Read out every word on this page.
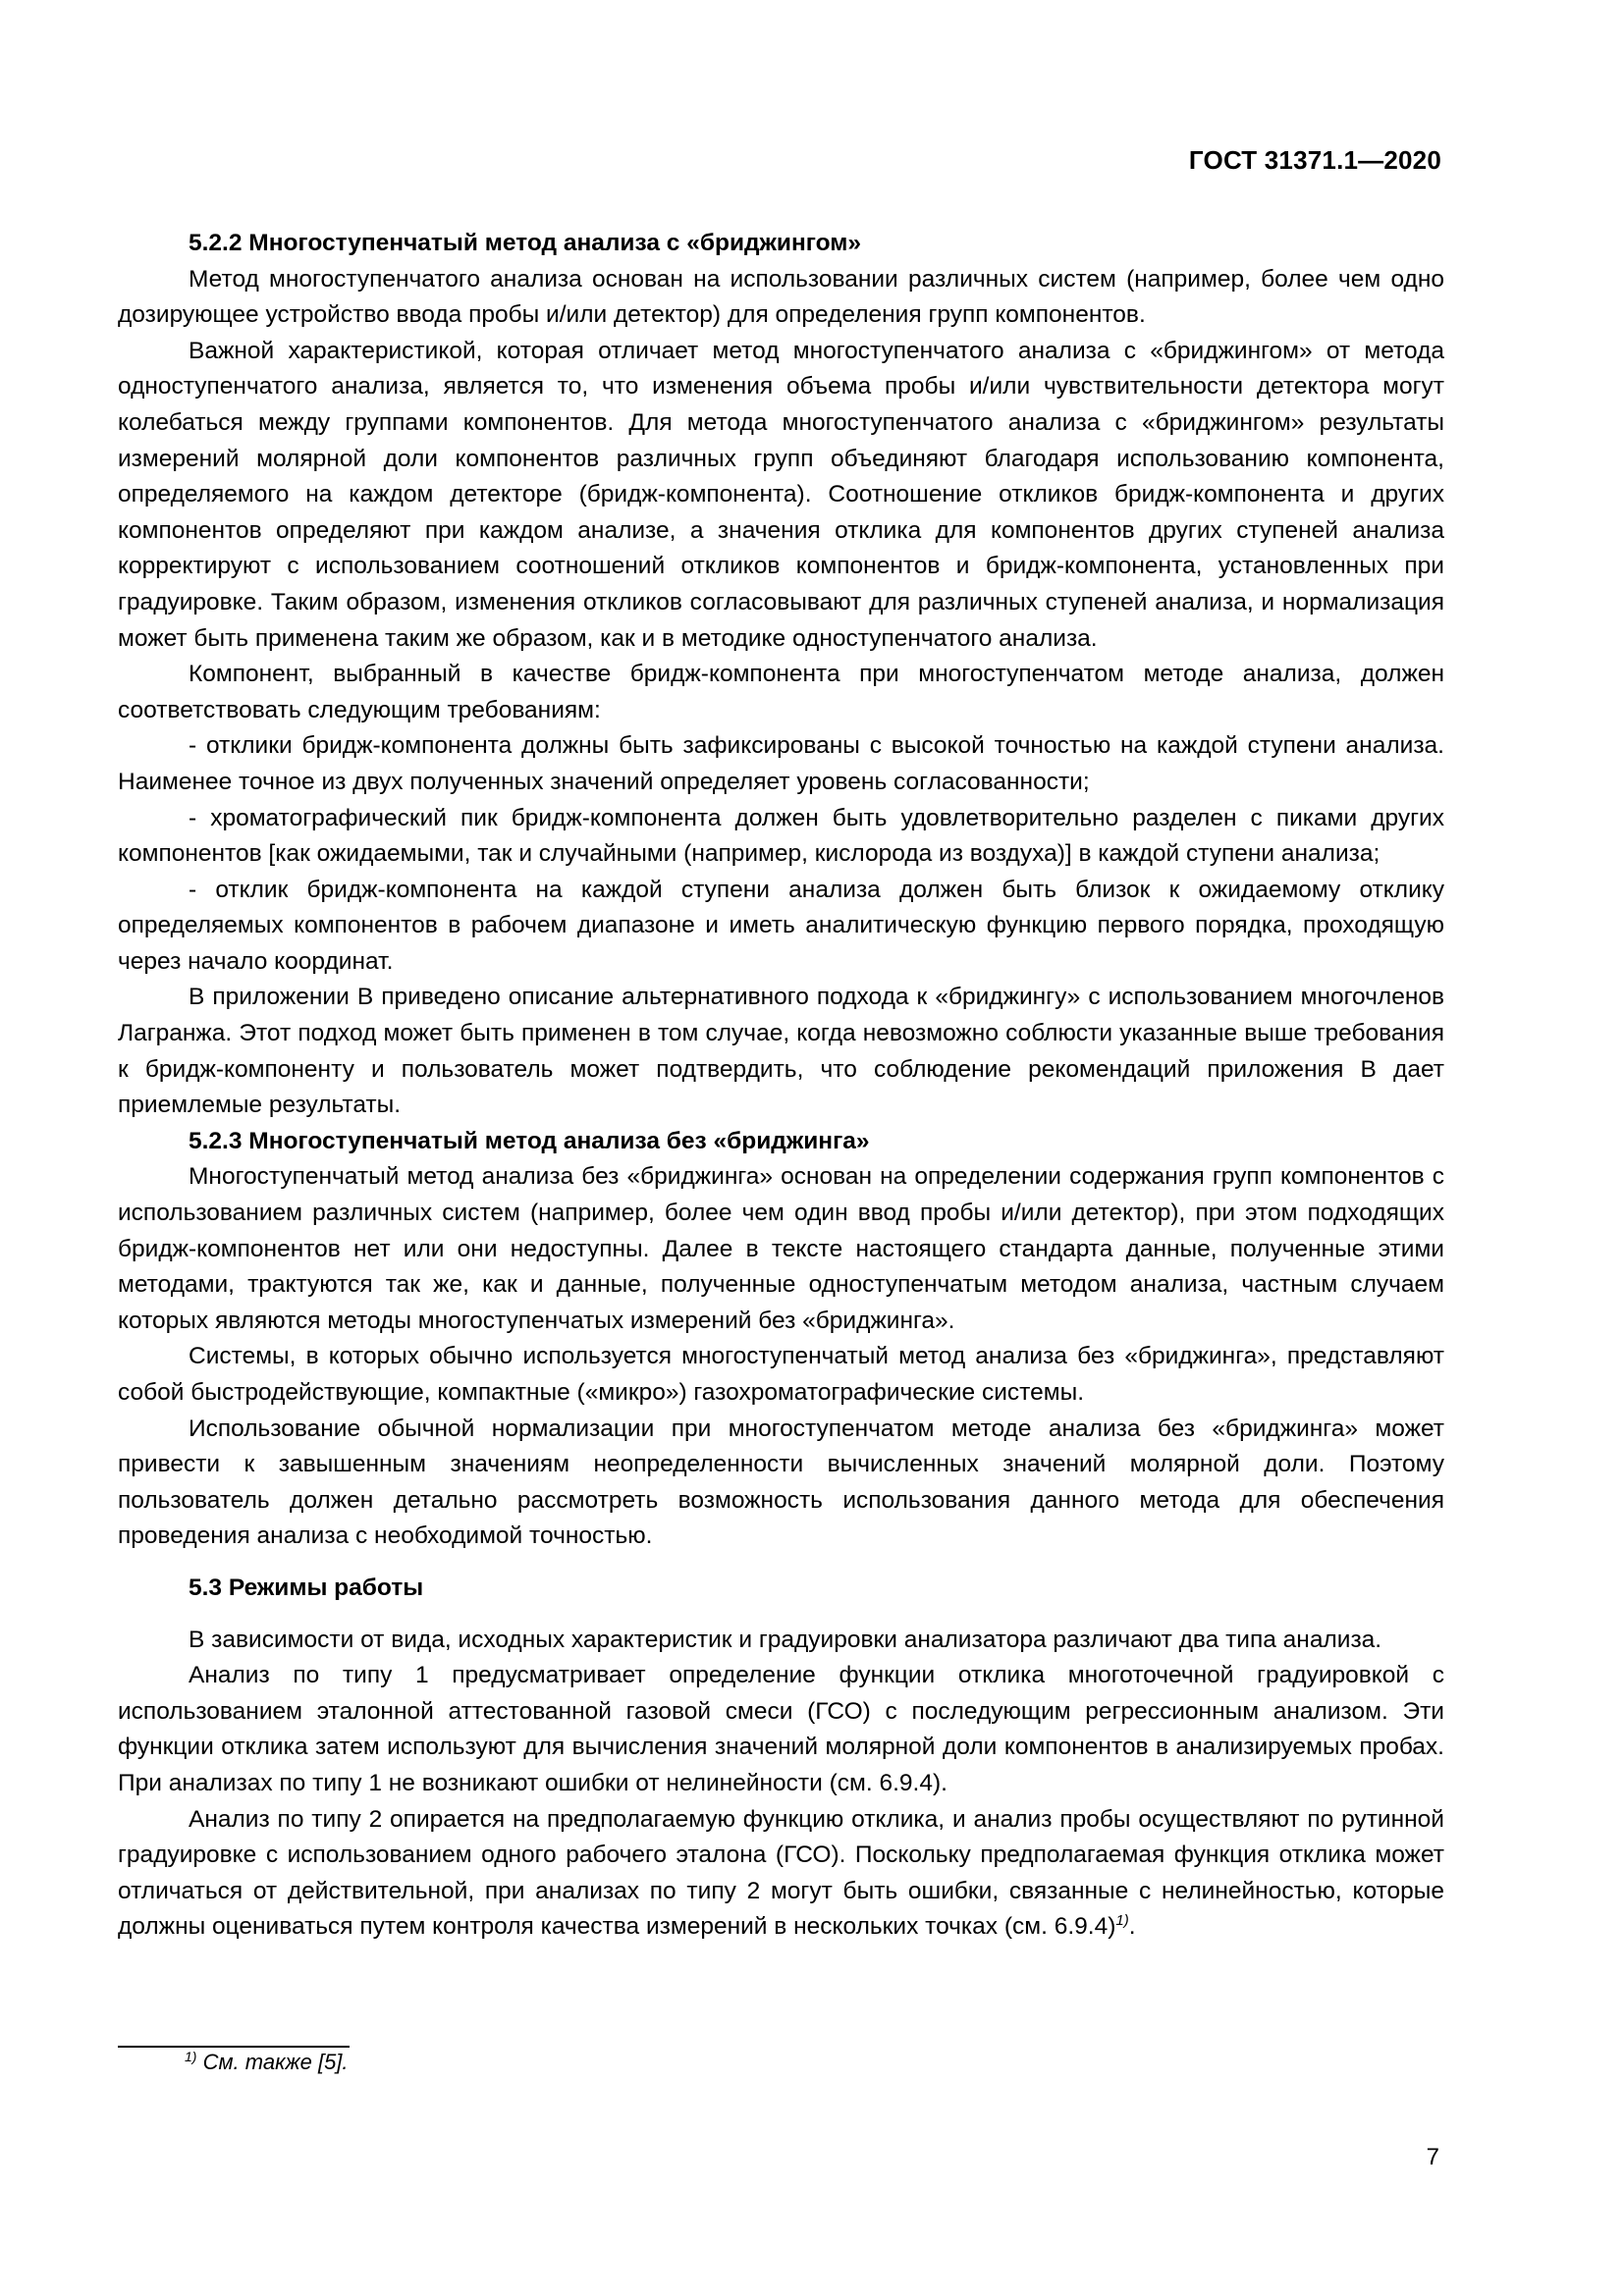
ГОСТ 31371.1—2020
5.2.2 Многоступенчатый метод анализа с «бриджингом»

Метод многоступенчатого анализа основан на использовании различных систем (например, более чем одно дозирующее устройство ввода пробы и/или детектор) для определения групп компонентов.

Важной характеристикой, которая отличает метод многоступенчатого анализа с «бриджингом» от метода одноступенчатого анализа, является то, что изменения объема пробы и/или чувствительности детектора могут колебаться между группами компонентов. Для метода многоступенчатого анализа с «бриджингом» результаты измерений молярной доли компонентов различных групп объединяют благодаря использованию компонента, определяемого на каждом детекторе (бридж-компонента). Соотношение откликов бридж-компонента и других компонентов определяют при каждом анализе, а значения отклика для компонентов других ступеней анализа корректируют с использованием соотношений откликов компонентов и бридж-компонента, установленных при градуировке. Таким образом, изменения откликов согласовывают для различных ступеней анализа, и нормализация может быть применена таким же образом, как и в методике одноступенчатого анализа.

Компонент, выбранный в качестве бридж-компонента при многоступенчатом методе анализа, должен соответствовать следующим требованиям:

- отклики бридж-компонента должны быть зафиксированы с высокой точностью на каждой ступени анализа. Наименее точное из двух полученных значений определяет уровень согласованности;

- хроматографический пик бридж-компонента должен быть удовлетворительно разделен с пиками других компонентов [как ожидаемыми, так и случайными (например, кислорода из воздуха)] в каждой ступени анализа;

- отклик бридж-компонента на каждой ступени анализа должен быть близок к ожидаемому отклику определяемых компонентов в рабочем диапазоне и иметь аналитическую функцию первого порядка, проходящую через начало координат.

В приложении В приведено описание альтернативного подхода к «бриджингу» с использованием многочленов Лагранжа. Этот подход может быть применен в том случае, когда невозможно соблюсти указанные выше требования к бридж-компоненту и пользователь может подтвердить, что соблюдение рекомендаций приложения В дает приемлемые результаты.

5.2.3 Многоступенчатый метод анализа без «бриджинга»

Многоступенчатый метод анализа без «бриджинга» основан на определении содержания групп компонентов с использованием различных систем (например, более чем один ввод пробы и/или детектор), при этом подходящих бридж-компонентов нет или они недоступны. Далее в тексте настоящего стандарта данные, полученные этими методами, трактуются так же, как и данные, полученные одноступенчатым методом анализа, частным случаем которых являются методы многоступенчатых измерений без «бриджинга».

Системы, в которых обычно используется многоступенчатый метод анализа без «бриджинга», представляют собой быстродействующие, компактные («микро») газохроматографические системы.

Использование обычной нормализации при многоступенчатом методе анализа без «бриджинга» может привести к завышенным значениям неопределенности вычисленных значений молярной доли. Поэтому пользователь должен детально рассмотреть возможность использования данного метода для обеспечения проведения анализа с необходимой точностью.

5.3 Режимы работы

В зависимости от вида, исходных характеристик и градуировки анализатора различают два типа анализа.

Анализ по типу 1 предусматривает определение функции отклика многоточечной градуировкой с использованием эталонной аттестованной газовой смеси (ГСО) с последующим регрессионным анализом. Эти функции отклика затем используют для вычисления значений молярной доли компонентов в анализируемых пробах. При анализах по типу 1 не возникают ошибки от нелинейности (см. 6.9.4).

Анализ по типу 2 опирается на предполагаемую функцию отклика, и анализ пробы осуществляют по рутинной градуировке с использованием одного рабочего эталона (ГСО). Поскольку предполагаемая функция отклика может отличаться от действительной, при анализах по типу 2 могут быть ошибки, связанные с нелинейностью, которые должны оцениваться путем контроля качества измерений в нескольких точках (см. 6.9.4)$^{1)}$.

$^{1)}$ См. также [5].
7
